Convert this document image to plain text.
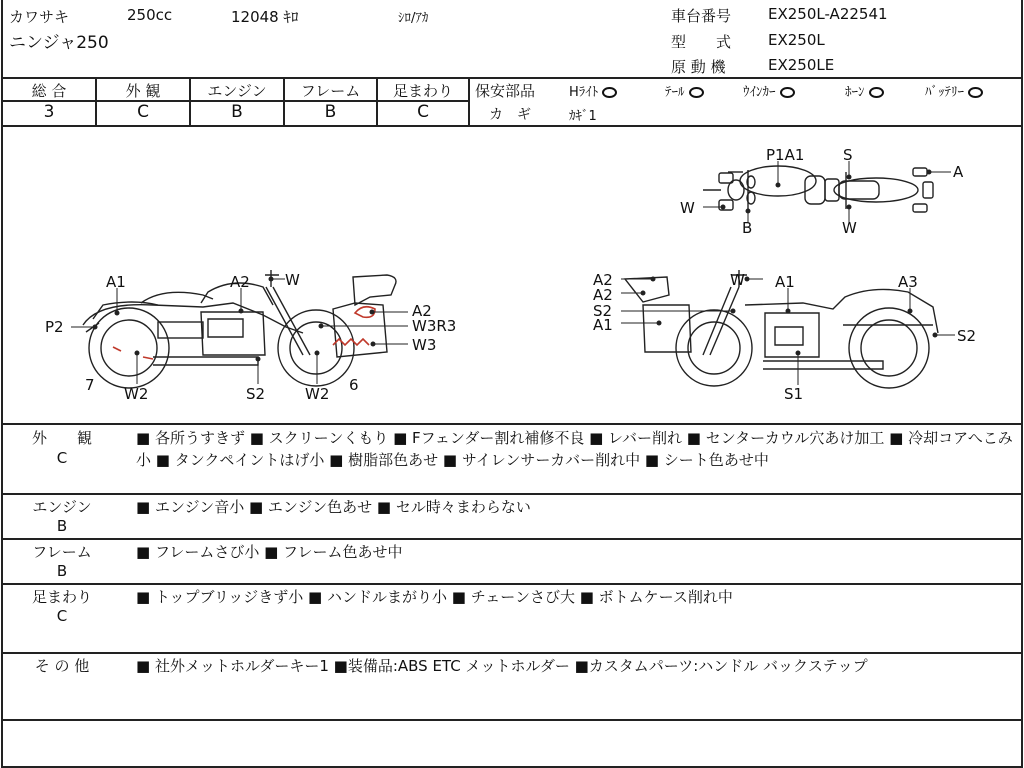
カワサキ	250cc	12048 ｷﾛ	ｼﾛ/ｱｶ
ニンジャ250
車台番号 EX250L-A22541
型　　式 EX250L
原 動 機	EX250LE
総 合	外 観	エンジン	フレーム	足まわり
3	C	B	B	C
保安部品	Hﾗｲﾄ	ﾃｰﾙ	ｳｲﾝｶｰ	ﾎｰﾝ	ﾊﾞｯﾃﾘｰ
カ　ギ	ｶｷﾞ1
P1A1	S
A
W
B	W
A1	A2 W
P2
A2
W3R3
W3
7 W2	S2	W2 6
A2
A2
S2
A1
W A1	A3
S2
S1
外　　観
C
■ 各所うすきず ■ スクリーンくもり ■ Fフェンダー割れ補修不良 ■ レバー削れ ■ センターカウル穴あけ加工 ■ 冷却コアへこみ小 ■ タンクペイントはげ小 ■ 樹脂部色あせ ■ サイレンサーカバー削れ中 ■ シート色あせ中
エンジン
B
■ エンジン音小 ■ エンジン色あせ ■ セル時々まわらない
フレーム
B
■ フレームさび小 ■ フレーム色あせ中
足まわり
C
■ トップブリッジきず小 ■ ハンドルまがり小 ■ チェーンさび大 ■ ボトムケース削れ中
そ の 他	■ 社外メットホルダーキー1 ■装備品:ABS ETC メットホルダー ■カスタムパーツ:ハンドル バックステップ
